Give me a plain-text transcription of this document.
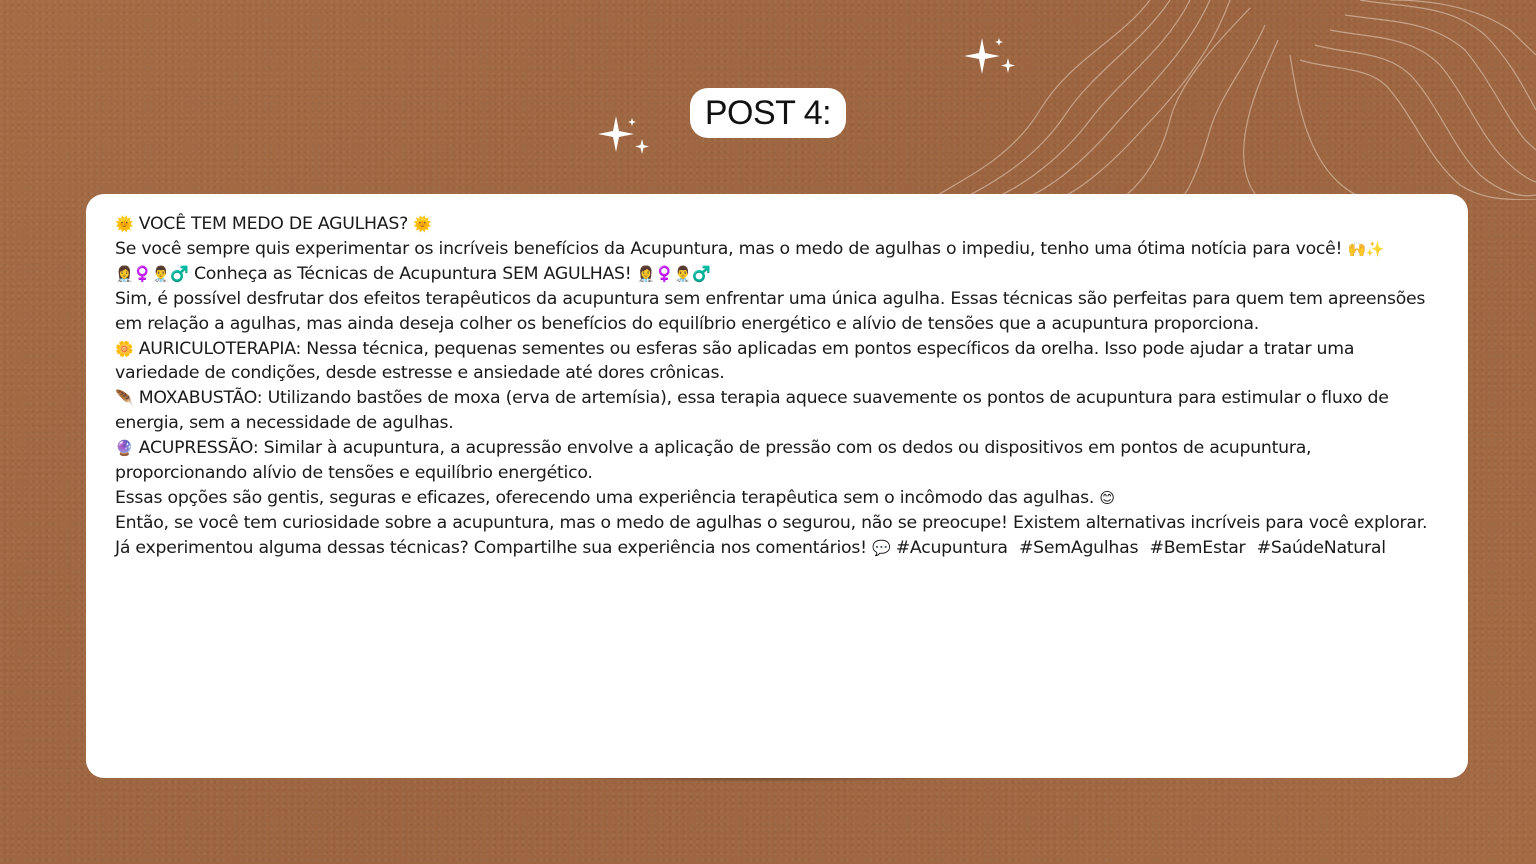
POST 4:

🌞 VOCÊ TEM MEDO DE AGULHAS? 🌞

Se você sempre quis experimentar os incríveis benefícios da Acupuntura, mas o medo de agulhas o impediu, tenho uma ótima notícia para você! 🙌✨

👩‍⚕️♀️👨‍⚕️♂️ Conheça as Técnicas de Acupuntura SEM AGULHAS! 👩‍⚕️♀️👨‍⚕️♂️

Sim, é possível desfrutar dos efeitos terapêuticos da acupuntura sem enfrentar uma única agulha. Essas técnicas são perfeitas para quem tem apreensões em relação a agulhas, mas ainda deseja colher os benefícios do equilíbrio energético e alívio de tensões que a acupuntura proporciona.

🌼 AURICULOTERAPIA: Nessa técnica, pequenas sementes ou esferas são aplicadas em pontos específicos da orelha. Isso pode ajudar a tratar uma variedade de condições, desde estresse e ansiedade até dores crônicas.

🪶 MOXABUSTÃO: Utilizando bastões de moxa (erva de artemísia), essa terapia aquece suavemente os pontos de acupuntura para estimular o fluxo de energia, sem a necessidade de agulhas.

🔮 ACUPRESSÃO: Similar à acupuntura, a acupressão envolve a aplicação de pressão com os dedos ou dispositivos em pontos de acupuntura, proporcionando alívio de tensões e equilíbrio energético.

Essas opções são gentis, seguras e eficazes, oferecendo uma experiência terapêutica sem o incômodo das agulhas. 😊

Então, se você tem curiosidade sobre a acupuntura, mas o medo de agulhas o segurou, não se preocupe! Existem alternativas incríveis para você explorar.

Já experimentou alguma dessas técnicas? Compartilhe sua experiência nos comentários! 💬 #Acupuntura #SemAgulhas #BemEstar #SaúdeNatural
